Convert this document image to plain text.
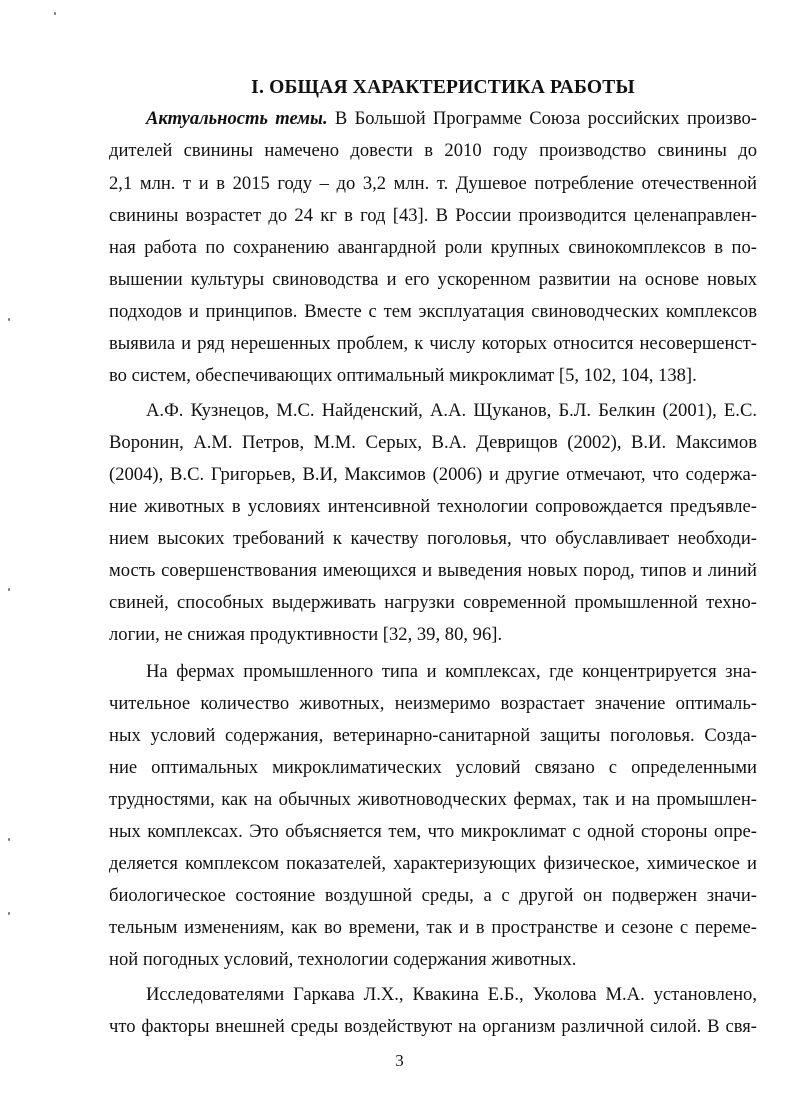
I. ОБЩАЯ ХАРАКТЕРИСТИКА РАБОТЫ
Актуальность темы. В Большой Программе Союза российских произво-
дителей свинины намечено довести в 2010 году производство свинины до
2,1 млн. т и в 2015 году – до 3,2 млн. т. Душевое потребление отечественной
свинины возрастет до 24 кг в год [43]. В России производится целенаправлен-
ная работа по сохранению авангардной роли крупных свинокомплексов в по-
вышении культуры свиноводства и его ускоренном развитии на основе новых
подходов и принципов. Вместе с тем эксплуатация свиноводческих комплексов
выявила и ряд нерешенных проблем, к числу которых относится несовершенст-
во систем, обеспечивающих оптимальный микроклимат [5, 102, 104, 138].
А.Ф. Кузнецов, М.С. Найденский, А.А. Щуканов, Б.Л. Белкин (2001), Е.С.
Воронин, А.М. Петров, М.М. Серых, В.А. Деврищов (2002), В.И. Максимов
(2004), В.С. Григорьев, В.И, Максимов (2006) и другие отмечают, что содержа-
ние животных в условиях интенсивной технологии сопровождается предъявле-
нием высоких требований к качеству поголовья, что обуславливает необходи-
мость совершенствования имеющихся и выведения новых пород, типов и линий
свиней, способных выдерживать нагрузки современной промышленной техно-
логии, не снижая продуктивности [32, 39, 80, 96].
На фермах промышленного типа и комплексах, где концентрируется зна-
чительное количество животных, неизмеримо возрастает значение оптималь-
ных условий содержания, ветеринарно-санитарной защиты поголовья. Созда-
ние оптимальных микроклиматических условий связано с определенными
трудностями, как на обычных животноводческих фермах, так и на промышлен-
ных комплексах. Это объясняется тем, что микроклимат с одной стороны опре-
деляется комплексом показателей, характеризующих физическое, химическое и
биологическое состояние воздушной среды, а с другой он подвержен значи-
тельным изменениям, как во времени, так и в пространстве и сезоне с переме-
ной погодных условий, технологии содержания животных.
Исследователями Гаркава Л.Х., Квакина Е.Б., Уколова М.А. установлено,
что факторы внешней среды воздействуют на организм различной силой. В свя-
3
